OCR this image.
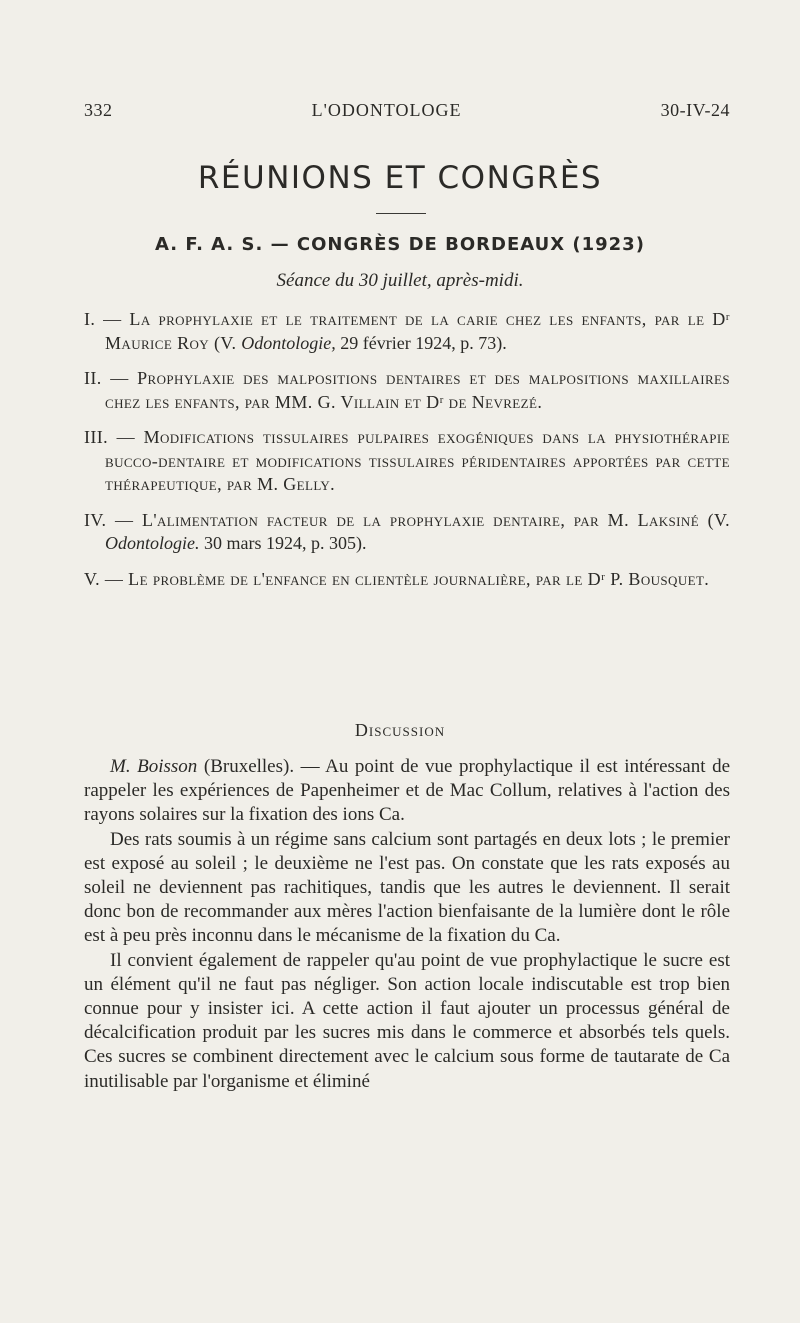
332	L'ODONTOLOGE	30-IV-24
RÉUNIONS ET CONGRÈS
A. F. A. S. — CONGRÈS DE BORDEAUX (1923)
Séance du 30 juillet, après-midi.
I. — La prophylaxie et le traitement de la carie chez les enfants, par le Dʳ Maurice Roy (V. Odontologie, 29 février 1924, p. 73).
II. — Prophylaxie des malpositions dentaires et des malpositions maxillaires chez les enfants, par MM. G. Villain et Dʳ de Nevrezé.
III. — Modifications tissulaires pulpaires exogéniques dans la physiothérapie bucco-dentaire et modifications tissulaires péridentaires apportées par cette thérapeutique, par M. Gelly.
IV. — L'alimentation facteur de la prophylaxie dentaire, par M. Laksiné (V. Odontologie. 30 mars 1924, p. 305).
V. — Le problème de l'enfance en clientèle journalière, par le Dʳ P. Bousquet.
Discussion

M. Boisson (Bruxelles). — Au point de vue prophylactique il est intéressant de rappeler les expériences de Papenheimer et de Mac Collum, relatives à l'action des rayons solaires sur la fixation des ions Ca.

Des rats soumis à un régime sans calcium sont partagés en deux lots ; le premier est exposé au soleil ; le deuxième ne l'est pas. On constate que les rats exposés au soleil ne deviennent pas rachitiques, tandis que les autres le deviennent. Il serait donc bon de recommander aux mères l'action bienfaisante de la lumière dont le rôle est à peu près inconnu dans le mécanisme de la fixation du Ca.

Il convient également de rappeler qu'au point de vue prophylactique le sucre est un élément qu'il ne faut pas négliger. Son action locale indiscutable est trop bien connue pour y insister ici. A cette action il faut ajouter un processus général de décalcification produit par les sucres mis dans le commerce et absorbés tels quels. Ces sucres se combinent directement avec le calcium sous forme de tautarate de Ca inutilisable par l'organisme et éliminé
